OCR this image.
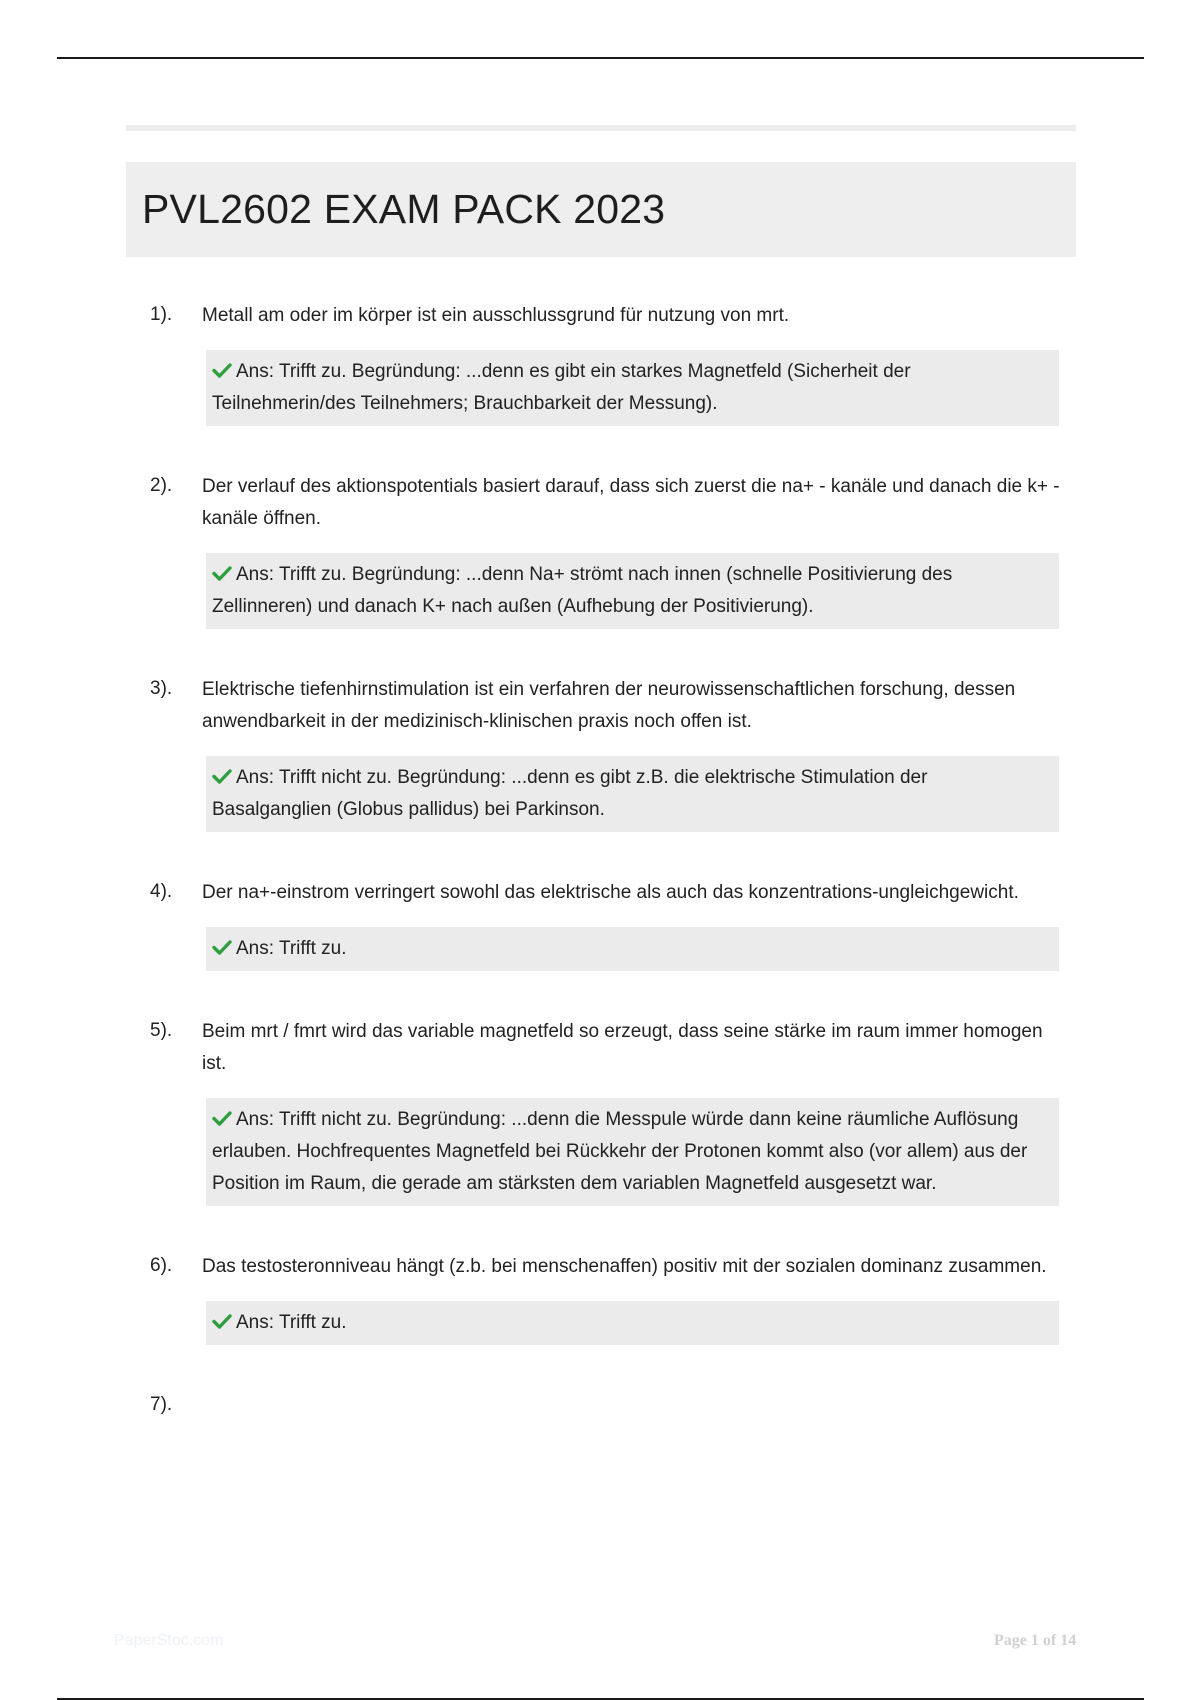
PVL2602 EXAM PACK 2023
1). Metall am oder im körper ist ein ausschlussgrund für nutzung von mrt.
Ans: Trifft zu. Begründung: ...denn es gibt ein starkes Magnetfeld (Sicherheit der Teilnehmerin/des Teilnehmers; Brauchbarkeit der Messung).
2). Der verlauf des aktionspotentials basiert darauf, dass sich zuerst die na+ - kanäle und danach die k+ - kanäle öffnen.
Ans: Trifft zu. Begründung: ...denn Na+ strömt nach innen (schnelle Positivierung des Zellinneren) und danach K+ nach außen (Aufhebung der Positivierung).
3). Elektrische tiefenhirnstimulation ist ein verfahren der neurowissenschaftlichen forschung, dessen anwendbarkeit in der medizinisch-klinischen praxis noch offen ist.
Ans: Trifft nicht zu. Begründung: ...denn es gibt z.B. die elektrische Stimulation der Basalganglien (Globus pallidus) bei Parkinson.
4). Der na+-einstrom verringert sowohl das elektrische als auch das konzentrations-ungleichgewicht.
Ans: Trifft zu.
5). Beim mrt / fmrt wird das variable magnetfeld so erzeugt, dass seine stärke im raum immer homogen ist.
Ans: Trifft nicht zu. Begründung: ...denn die Messpule würde dann keine räumliche Auflösung erlauben. Hochfrequentes Magnetfeld bei Rückkehr der Protonen kommt also (vor allem) aus der Position im Raum, die gerade am stärksten dem variablen Magnetfeld ausgesetzt war.
6). Das testosteronniveau hängt (z.b. bei menschenaffen) positiv mit der sozialen dominanz zusammen.
Ans: Trifft zu.
7).
PaperStoc.com	Page 1 of 14
